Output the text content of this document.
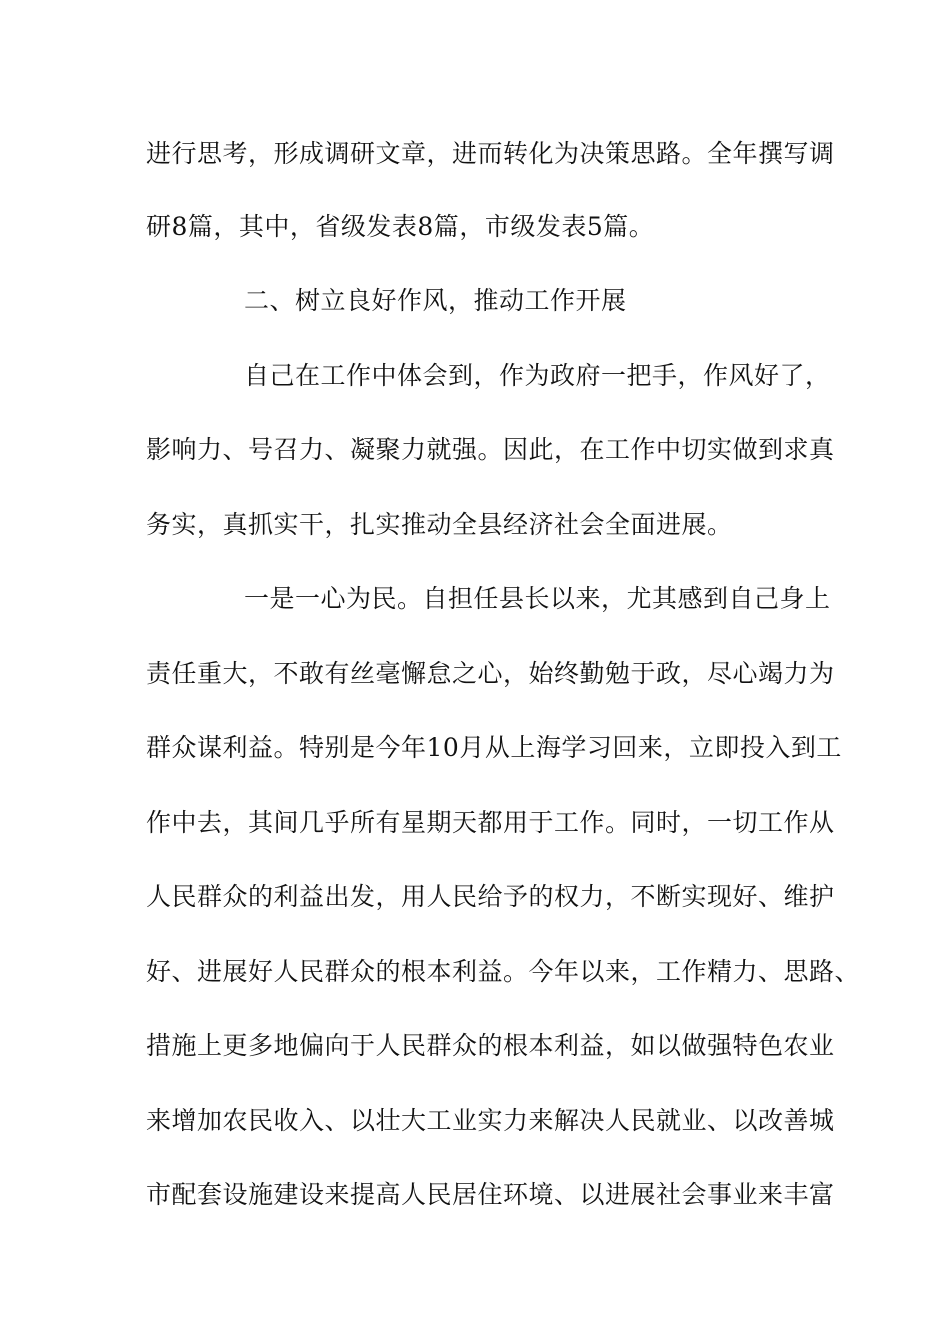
进行思考，形成调研文章，进而转化为决策思路。全年撰写调
研8篇，其中，省级发表8篇，市级发表5篇。
二、树立良好作风，推动工作开展
自己在工作中体会到，作为政府一把手，作风好了，
影响力、号召力、凝聚力就强。因此，在工作中切实做到求真
务实，真抓实干，扎实推动全县经济社会全面进展。
一是一心为民。自担任县长以来，尤其感到自己身上
责任重大，不敢有丝毫懈怠之心，始终勤勉于政，尽心竭力为
群众谋利益。特别是今年10月从上海学习回来，立即投入到工
作中去，其间几乎所有星期天都用于工作。同时，一切工作从
人民群众的利益出发，用人民给予的权力，不断实现好、维护
好、进展好人民群众的根本利益。今年以来，工作精力、思路、
措施上更多地偏向于人民群众的根本利益，如以做强特色农业
来增加农民收入、以壮大工业实力来解决人民就业、以改善城
市配套设施建设来提高人民居住环境、以进展社会事业来丰富
